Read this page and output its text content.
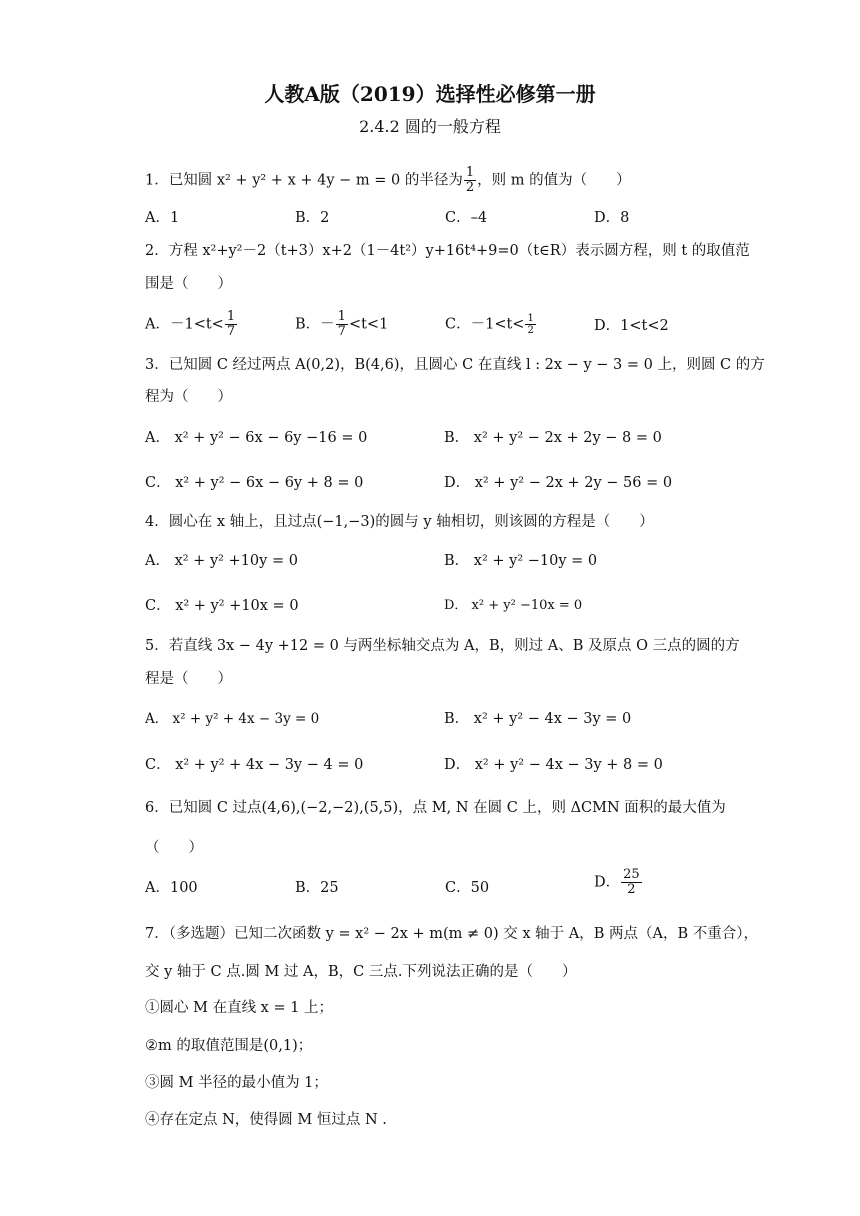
人教A版（2019）选择性必修第一册
2.4.2 圆的一般方程
1．已知圆 x² + y² + x + 4y − m = 0 的半径为 $\frac{1}{2}$ ，则 m 的值为（　　）
A．1	B．2	C．–4	D．8
2．方程 x²+y²－2（t+3）x+2（1－4t²）y+16t⁴+9=0（t∈R）表示圆方程，则 t 的取值范
围是（　　）
A．$-1<t< \frac{1}{7}$	B．－ $\frac{1}{7} <t<1$	C．$-1<t< \frac{1}{2}$	D．1<t<2
3．已知圆 C 经过两点 A(0,2)，B(4,6)，且圆心 C 在直线 l : 2x − y − 3 = 0 上，则圆 C 的方
程为（　　）
A． x² + y² − 6x − 6y −16 = 0	B． x² + y² − 2x + 2y − 8 = 0
C． x² + y² − 6x − 6y + 8 = 0	D． x² + y² − 2x + 2y − 56 = 0
4．圆心在 x 轴上，且过点(−1,−3)的圆与 y 轴相切，则该圆的方程是（　　）
A． x² + y² +10y = 0	B． x² + y² −10y = 0
C． x² + y² +10x = 0	D． x² + y² −10x = 0
5．若直线 3x − 4y +12 = 0 与两坐标轴交点为 A，B，则过 A、B 及原点 O 三点的圆的方
程是（　　）
A． x² + y² + 4x − 3y = 0	B． x² + y² − 4x − 3y = 0
C． x² + y² + 4x − 3y − 4 = 0	D． x² + y² − 4x − 3y + 8 = 0
6．已知圆 C 过点(4,6),(−2,−2),(5,5)，点 M, N 在圆 C 上，则 ΔCMN 面积的最大值为
（　　）
A．100	B．25	C．50	D． $\frac{25}{2}$
7．（多选题）已知二次函数 y = x² − 2x + m(m ≠ 0) 交 x 轴于 A，B 两点（A，B 不重合），
交 y 轴于 C 点.圆 M 过 A，B，C 三点.下列说法正确的是（　　）
①圆心 M 在直线 x = 1 上；
②m 的取值范围是(0,1)；
③圆 M 半径的最小值为 1；
④存在定点 N，使得圆 M 恒过点 N .
